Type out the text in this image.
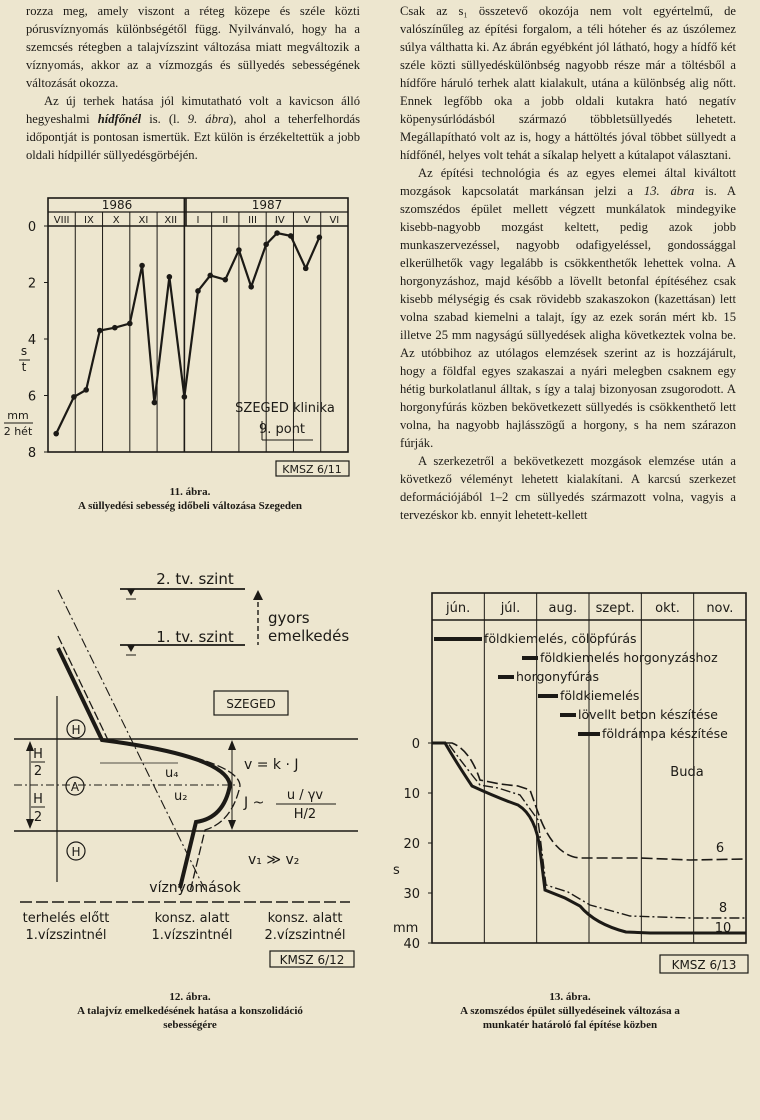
rozza meg, amely viszont a réteg közepe és széle közti pórusvíznyomás különbségétől függ. Nyilvánvaló, hogy ha a szemcsés rétegben a talajvízszint változása miatt megváltozik a víznyomás, akkor az a vízmozgás és süllyedés sebességének változását okozza.

Az új terhek hatása jól kimutatható volt a kavicson álló hegyeshalmi hídfőnél is. (l. 9. ábra), ahol a teherfelhordás időpontját is pontosan ismertük. Ezt külön is érzékeltettük a jobb oldali hídpillér süllyedésgörbéjén.

Csak az s₁ összetevő okozója nem volt egyértelmű, de valószínűleg az építési forgalom, a téli hóteher és az úszólemez súlya válthatta ki. Az ábrán egyébként jól látható, hogy a hídfő két széle közti süllyedéskülönbség nagyobb része már a töltésből a hídfőre háruló terhek alatt kialakult, utána a különbség alig nőtt. Ennek legfőbb oka a jobb oldali kutakra ható negatív köpenysúrlódásból származó többletsüllyedés lehetett. Megállapítható volt az is, hogy a háttöltés jóval többet süllyedt a hídfőnél, helyes volt tehát a síkalap helyett a kútalapot választani.

Az építési technológia és az egyes elemei által kiváltott mozgások kapcsolatát markánsan jelzi a 13. ábra is. A szomszédos épület mellett végzett munkálatok mindegyike kisebb-nagyobb mozgást keltett, pedig azok jobb munkaszervezéssel, nagyobb odafigyeléssel, gondossággal elkerülhetők vagy legalább is csökkenthetők lehettek volna. A horgonyzáshoz, majd később a lövellt betonfal építéséhez csak kisebb mélységig és csak rövidebb szakaszokon (kazettásan) lett volna szabad kiemelni a talajt, így az ezek során mért kb. 15 illetve 25 mm nagyságú süllyedések aligha következtek volna be. Az utóbbihoz az utólagos elemzések szerint az is hozzájárult, hogy a földfal egyes szakaszai a nyári melegben csaknem egy hétig burkolatlanul álltak, s így a talaj bizonyosan zsugorodott. A horgonyfúrás közben bekövetkezett süllyedés is csökkenthető lett volna, ha nagyobb hajlásszögű a horgony, s ha nem szárazon fúrják.

A szerkezetről a bekövetkezett mozgások elemzése után a következő véleményt lehetett kialakítani. A karcsú szerkezet deformációjából 1–2 cm süllyedés származott volna, vagyis a tervezéskor kb. ennyit lehetett-kellett

1986	1987
VIII IX X XI XII I II III IV V VI
0
2
4
6
8
s
t
mm
2 hét
SZEGED klinika
9. pont
KMSZ 6/11
11. ábra.
A süllyedési sebesség időbeli változása Szegeden
2. tv. szint
1. tv. szint
gyors
emelkedés
SZEGED
H
2
H
2
H
A
H
u₄
u₂
v = k · J
J ~ u / γv
H/2
v₁ ≫ v₂
víznyomások
terhelés előtt
1.vízszintnél
konsz. alatt
1.vízszintnél
konsz. alatt
2.vízszintnél
KMSZ 6/12
12. ábra.
A talajvíz emelkedésének hatása a konszolidáció
sebességére
jún. júl. aug. szept. okt. nov.
földkiemelés, cölöpfúrás
földkiemelés horgonyzáshoz
horgonyfúrás
földkiemelés
lövellt beton készítése
földrámpa készítése
0
10
20
30
40
s
mm
Buda
6
8
10
KMSZ 6/13
13. ábra.
A szomszédos épület süllyedéseinek változása a
munkatér határoló fal építése közben
